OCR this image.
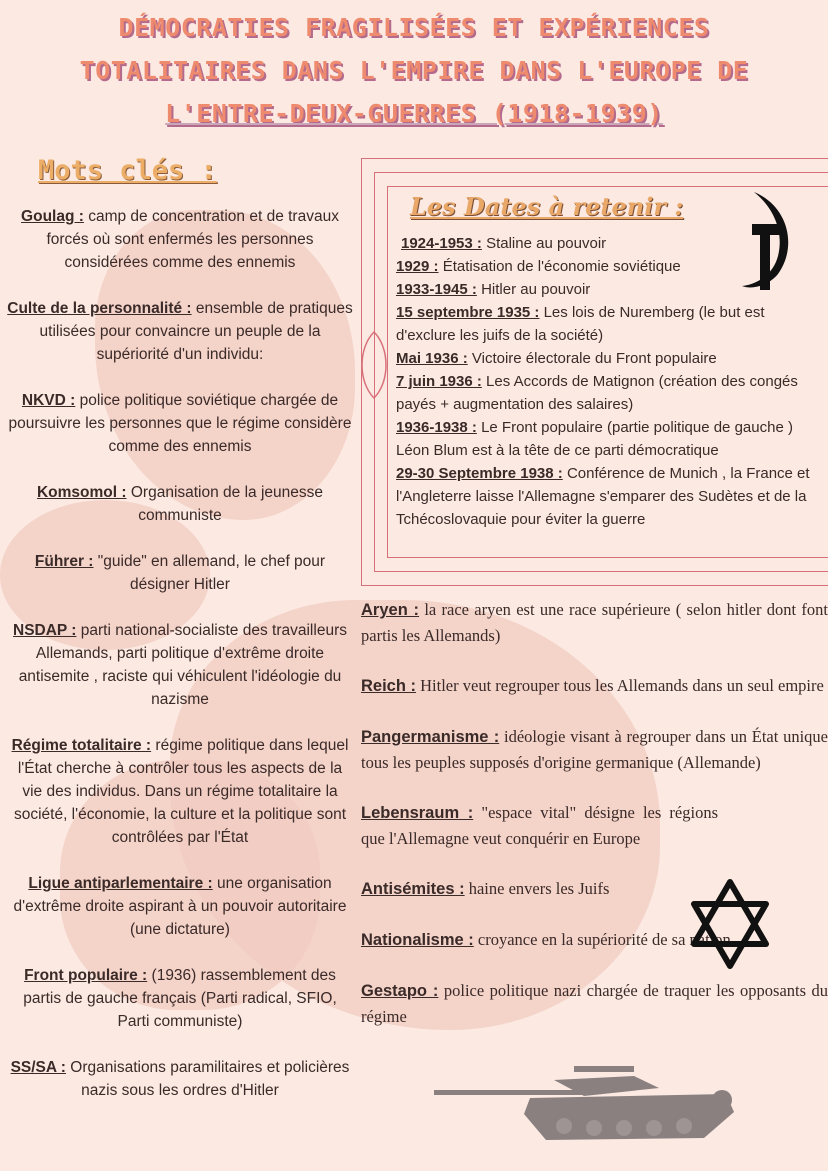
DÉMOCRATIES FRAGILISÉES ET EXPÉRIENCES
TOTALITAIRES DANS L'EMPIRE DANS L'EUROPE DE
L'ENTRE-DEUX-GUERRES (1918-1939)
Mots clés :

Goulag : camp de concentration et de travaux forcés où sont enfermés les personnes considérées comme des ennemis

Culte de la personnalité : ensemble de pratiques utilisées pour convaincre un peuple de la supériorité d'un individu:

NKVD : police politique soviétique chargée de poursuivre les personnes que le régime considère comme des ennemis

Komsomol : Organisation de la jeunesse communiste

Führer : "guide" en allemand, le chef pour désigner Hitler

NSDAP : parti national-socialiste des travailleurs Allemands, parti politique d'extrême droite antisemite , raciste qui véhiculent l'idéologie du nazisme

Régime totalitaire : régime politique dans lequel l'État cherche à contrôler tous les aspects de la vie des individus. Dans un régime totalitaire la société, l'économie, la culture et la politique sont contrôlées par l'État

Ligue antiparlementaire : une organisation d'extrême droite aspirant à un pouvoir autoritaire (une dictature)

Front populaire : (1936) rassemblement des partis de gauche français (Parti radical, SFIO, Parti communiste)

SS/SA : Organisations paramilitaires et policières nazis sous les ordres d'Hitler

Les Dates à retenir :

1924-1953 : Staline au pouvoir

1929 : Étatisation de l'économie soviétique

1933-1945 : Hitler au pouvoir

15 septembre 1935 : Les lois de Nuremberg (le but est d'exclure les juifs de la société)

Mai 1936 : Victoire électorale du Front populaire

7 juin 1936 : Les Accords de Matignon (création des congés payés + augmentation des salaires)

1936-1938 : Le Front populaire (partie politique de gauche ) Léon Blum est à la tête de ce parti démocratique

29-30 Septembre 1938 : Conférence de Munich , la France et l'Angleterre laisse l'Allemagne s'emparer des Sudètes et de la Tchécoslovaquie pour éviter la guerre

Aryen : la race aryen est une race supérieure ( selon hitler dont font partis les Allemands)

Reich : Hitler veut regrouper tous les Allemands dans un seul empire

Pangermanisme : idéologie visant à regrouper dans un État unique tous les peuples supposés d'origine germanique (Allemande)

Lebensraum : "espace vital" désigne les régions que l'Allemagne veut conquérir en Europe

Antisémites : haine envers les Juifs

Nationalisme : croyance en la supériorité de sa nation

Gestapo : police politique nazi chargée de traquer les opposants du régime
